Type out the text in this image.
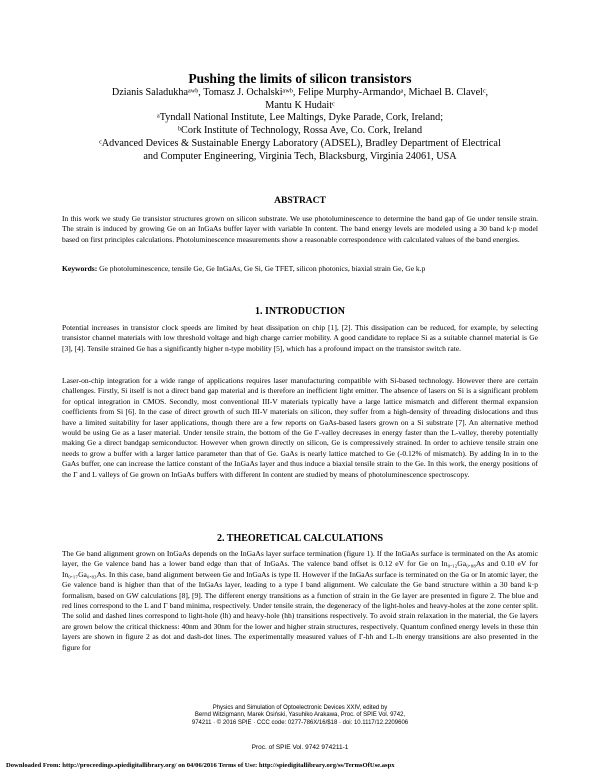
Pushing the limits of silicon transistors
Dzianis Saladukhaᵃʷᵇ, Tomasz J. Ochalskiᵃʷᵇ, Felipe Murphy-Armandoᵃ, Michael B. Clavelᶜ,
Mantu K Hudaitᶜ
ᵃTyndall National Institute, Lee Maltings, Dyke Parade, Cork, Ireland;
ᵇCork Institute of Technology, Rossa Ave, Co. Cork, Ireland
ᶜAdvanced Devices & Sustainable Energy Laboratory (ADSEL), Bradley Department of Electrical
and Computer Engineering, Virginia Tech, Blacksburg, Virginia 24061, USA
ABSTRACT
In this work we study Ge transistor structures grown on silicon substrate. We use photoluminescence to determine the band gap of Ge under tensile strain. The strain is induced by growing Ge on an InGaAs buffer layer with variable In content. The band energy levels are modeled using a 30 band k·p model based on first principles calculations. Photoluminescence measurements show a reasonable correspondence with calculated values of the band energies.
Keywords: Ge photoluminescence, tensile Ge, Ge InGaAs, Ge Si, Ge TFET, silicon photonics, biaxial strain Ge, Ge k.p
1. INTRODUCTION
Potential increases in transistor clock speeds are limited by heat dissipation on chip [1], [2]. This dissipation can be reduced, for example, by selecting transistor channel materials with low threshold voltage and high charge carrier mobility. A good candidate to replace Si as a suitable channel material is Ge [3], [4]. Tensile strained Ge has a significantly higher n-type mobility [5], which has a profound impact on the transistor switch rate.
Laser-on-chip integration for a wide range of applications requires laser manufacturing compatible with Si-based technology. However there are certain challenges. Firstly, Si itself is not a direct band gap material and is therefore an inefficient light emitter. The absence of lasers on Si is a significant problem for optical integration in CMOS. Secondly, most conventional III-V materials typically have a large lattice mismatch and different thermal expansion coefficients from Si [6]. In the case of direct growth of such III-V materials on silicon, they suffer from a high-density of threading dislocations and thus have a limited suitability for laser applications, though there are a few reports on GaAs-based lasers grown on a Si substrate [7]. An alternative method would be using Ge as a laser material. Under tensile strain, the bottom of the Ge Γ-valley decreases in energy faster than the L-valley, thereby potentially making Ge a direct bandgap semiconductor. However when grown directly on silicon, Ge is compressively strained. In order to achieve tensile strain one needs to grow a buffer with a larger lattice parameter than that of Ge. GaAs is nearly lattice matched to Ge (-0.12% of mismatch). By adding In in to the GaAs buffer, one can increase the lattice constant of the InGaAs layer and thus induce a biaxial tensile strain to the Ge. In this work, the energy positions of the Γ and L valleys of Ge grown on InGaAs buffers with different In content are studied by means of photoluminescence spectroscopy.
2. THEORETICAL CALCULATIONS
The Ge band alignment grown on InGaAs depends on the InGaAs layer surface termination (figure 1). If the InGaAs surface is terminated on the As atomic layer, the Ge valence band has a lower band edge than that of InGaAs. The valence band offset is 0.12 eV for Ge on In₀.₁₂Ga₀.₈₈As and 0.10 eV for In₀.₁₇Ga₀.₈₃As. In this case, band alignment between Ge and InGaAs is type II. However if the InGaAs surface is terminated on the Ga or In atomic layer, the Ge valence band is higher than that of the InGaAs layer, leading to a type I band alignment. We calculate the Ge band structure within a 30 band k·p formalism, based on GW calculations [8], [9]. The different energy transitions as a function of strain in the Ge layer are presented in figure 2. The blue and red lines correspond to the L and Γ band minima, respectively. Under tensile strain, the degeneracy of the light-holes and heavy-holes at the zone center split. The solid and dashed lines correspond to light-hole (lh) and heavy-hole (hh) transitions respectively. To avoid strain relaxation in the material, the Ge layers are grown below the critical thickness: 40nm and 30nm for the lower and higher strain structures, respectively. Quantum confined energy levels in these thin layers are shown in figure 2 as dot and dash-dot lines. The experimentally measured values of Γ-hh and L-lh energy transitions are also presented in the figure for
Physics and Simulation of Optoelectronic Devices XXIV, edited by
Bernd Witzigmann, Marek Osiński, Yasuhiko Arakawa, Proc. of SPIE Vol. 9742,
974211 · © 2016 SPIE · CCC code: 0277-786X/16/$18 · doi: 10.1117/12.2209606
Proc. of SPIE Vol. 9742 974211-1
Downloaded From: http://proceedings.spiedigitallibrary.org/ on 04/06/2016 Terms of Use: http://spiedigitallibrary.org/ss/TermsOfUse.aspx
